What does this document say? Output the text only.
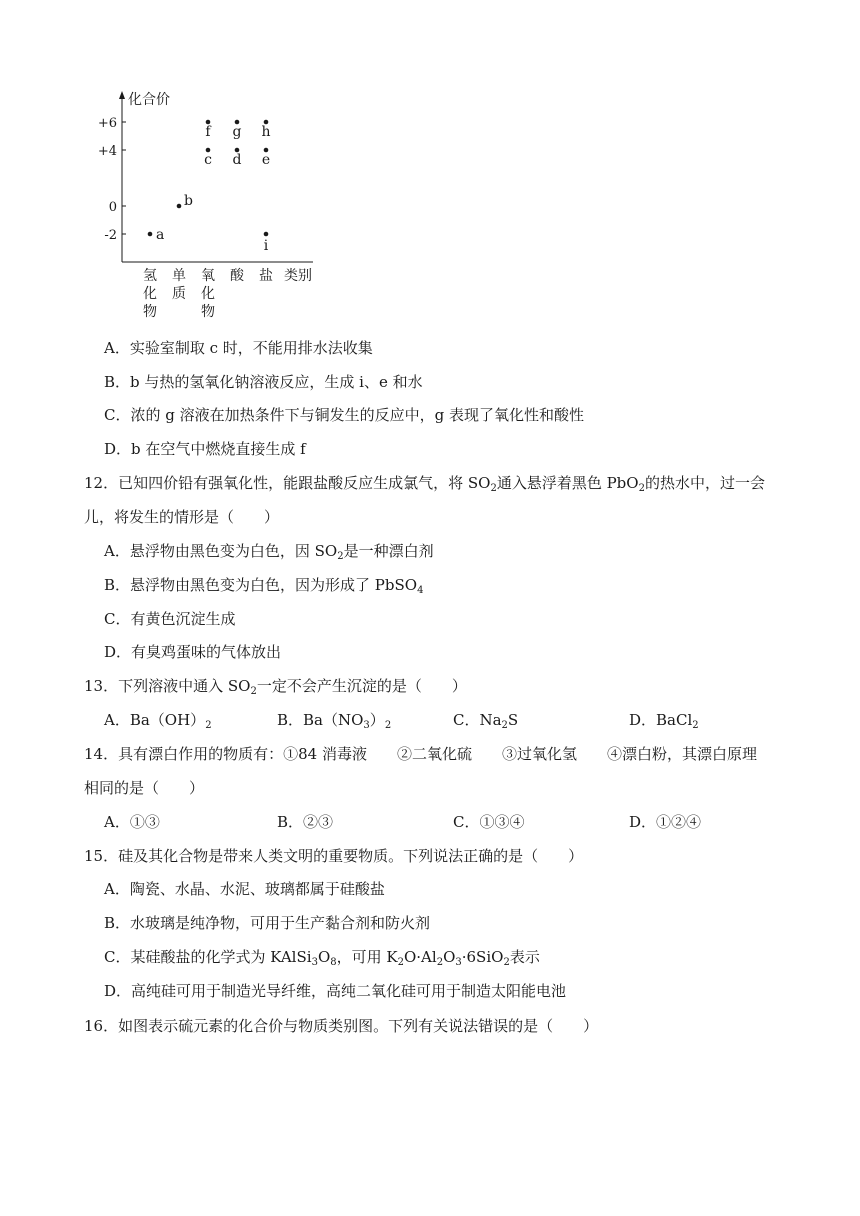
化合价
+6
+4
0
-2
氢
化
物
单
质
氧
化
物
酸 盐 类别
a
b
c
f
d
g
e
h
i
A．实验室制取 c 时，不能用排水法收集
B．b 与热的氢氧化钠溶液反应，生成 i、e 和水
C．浓的 g 溶液在加热条件下与铜发生的反应中，g 表现了氧化性和酸性
D．b 在空气中燃烧直接生成 f
12．已知四价铅有强氧化性，能跟盐酸反应生成氯气，将 $SO_2$通入悬浮着黑色 PbO$_2$的热水中，过一会
儿，将发生的情形是（　　）
A．悬浮物由黑色变为白色，因 $SO_2$是一种漂白剂
B．悬浮物由黑色变为白色，因为形成了 PbSO$_4$
C．有黄色沉淀生成
D．有臭鸡蛋味的气体放出
13．下列溶液中通入 $SO_2$一定不会产生沉淀的是（　　）
A．$Ba(OH)_2$	B．$Ba(NO_3)_2$	C．$Na_2S$	D．BaCl$_2$
14．具有漂白作用的物质有：①84 消毒液　　②二氧化硫　　③过氧化氢　　④漂白粉，其漂白原理
相同的是（　　）
A．①③	B．②③	C．①③④	D．①②④
15．硅及其化合物是带来人类文明的重要物质。下列说法正确的是（　　）
A．陶瓷、水晶、水泥、玻璃都属于硅酸盐
B．水玻璃是纯净物，可用于生产黏合剂和防火剂
C．某硅酸盐的化学式为 $KAlSi_3O_8$，可用 $K_2O\cdot Al_2O_3\cdot 6SiO_2$表示
D．高纯硅可用于制造光导纤维，高纯二氧化硅可用于制造太阳能电池
16．如图表示硫元素的化合价与物质类别图。下列有关说法错误的是（　　）
